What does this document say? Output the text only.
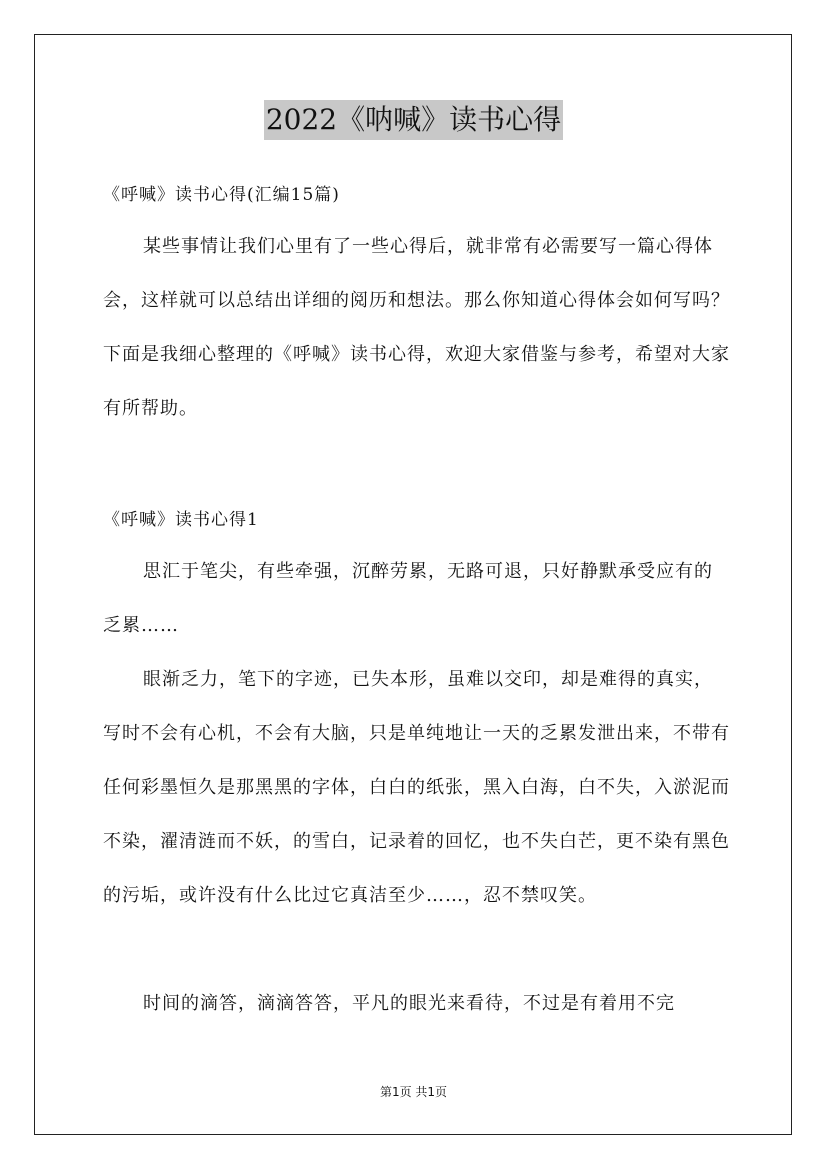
2022《呐喊》读书心得

《呼喊》读书心得(汇编15篇)

某些事情让我们心里有了一些心得后，就非常有必需要写一篇心得体会，这样就可以总结出详细的阅历和想法。那么你知道心得体会如何写吗？下面是我细心整理的《呼喊》读书心得，欢迎大家借鉴与参考，希望对大家有所帮助。

《呼喊》读书心得1

思汇于笔尖，有些牵强，沉醉劳累，无路可退，只好静默承受应有的乏累……

眼渐乏力，笔下的字迹，已失本形，虽难以交印，却是难得的真实，写时不会有心机，不会有大脑，只是单纯地让一天的乏累发泄出来，不带有任何彩墨恒久是那黑黑的字体，白白的纸张，黑入白海，白不失，入淤泥而不染，濯清涟而不妖，的雪白，记录着的回忆，也不失白芒，更不染有黑色的污垢，或许没有什么比过它真洁至少……，忍不禁叹笑。

时间的滴答，滴滴答答，平凡的眼光来看待，不过是有着用不完

第1页 共1页
